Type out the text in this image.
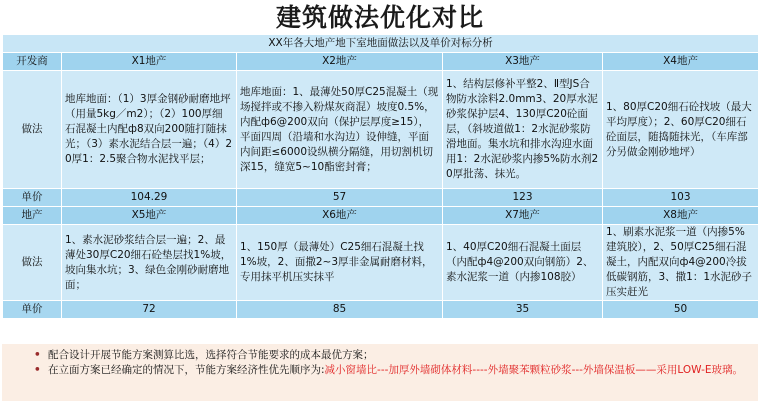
建筑做法优化对比
XX年各大地产地下室地面做法以及单价对标分析				
开发商	X1地产	X2地产	X3地产	X4地产
做法	地库地面：（1）3厚金钢砂耐磨地坪（用量5kg／m2）；（2）100厚细石混凝土内配ф8双向200随打随抹光；（3）素水泥结合层一遍；（4）20厚1：2.5聚合物水泥找平层；	地库地面：1、最薄处50厚C25混凝土（现场搅拌或不掺入粉煤灰商混）坡度0.5%，内配ф6@200双向（保护层厚度≥15），平面四周（沿墙和水沟边）设伸缝，平面内间距≤6000设纵横分隔缝，用切割机切深15，缝宽5~10酯密封膏；	1、结构层修补平整2、Ⅱ型JS合物防水涂料2.0mm3、20厚水泥砂浆保护层4、130厚C20砼面层，（斜坡道做1：2水泥砂浆防滑地面。集水坑和排水沟迎水面用1：2水泥砂浆内掺5%防水剂20厚批荡、抹光。	1、80厚C20细石砼找坡（最大平均厚度）；2、60厚C20细石砼面层，随捣随抹光，（车库部分另做金刚砂地坪）

单价	104.29	57	123	103
地产	X5地产	X6地产	X7地产	X8地产
做法	1、素水泥砂浆结合层一遍；2、最薄处30厚C20细石砼垫层找1%坡，坡向集水坑；3、绿色金刚砂耐磨地面；	1、150厚（最薄处）C25细石混凝土找1%坡，2、面撒2~3厚非金属耐磨材料，专用抹平机压实抹平	1、40厚C20细石混凝土面层（内配ф4@200双向钢筋）2、素水泥浆一道（内掺108胶）	1、刷素水泥浆一道（内掺5%建筑胶），2、50厚C25细石混凝土，内配双向ф4@200冷拔低碳钢筋，3、撒1：1水泥砂子压实赶光

单价	72	85	35	50
• 配合设计开展节能方案测算比选，选择符合节能要求的成本最优方案；
• 在立面方案已经确定的情况下，节能方案经济性优先顺序为:减小窗墙比---加厚外墙砌体材料----外墙聚苯颗粒砂浆---外墙保温板——采用LOW-E玻璃。
